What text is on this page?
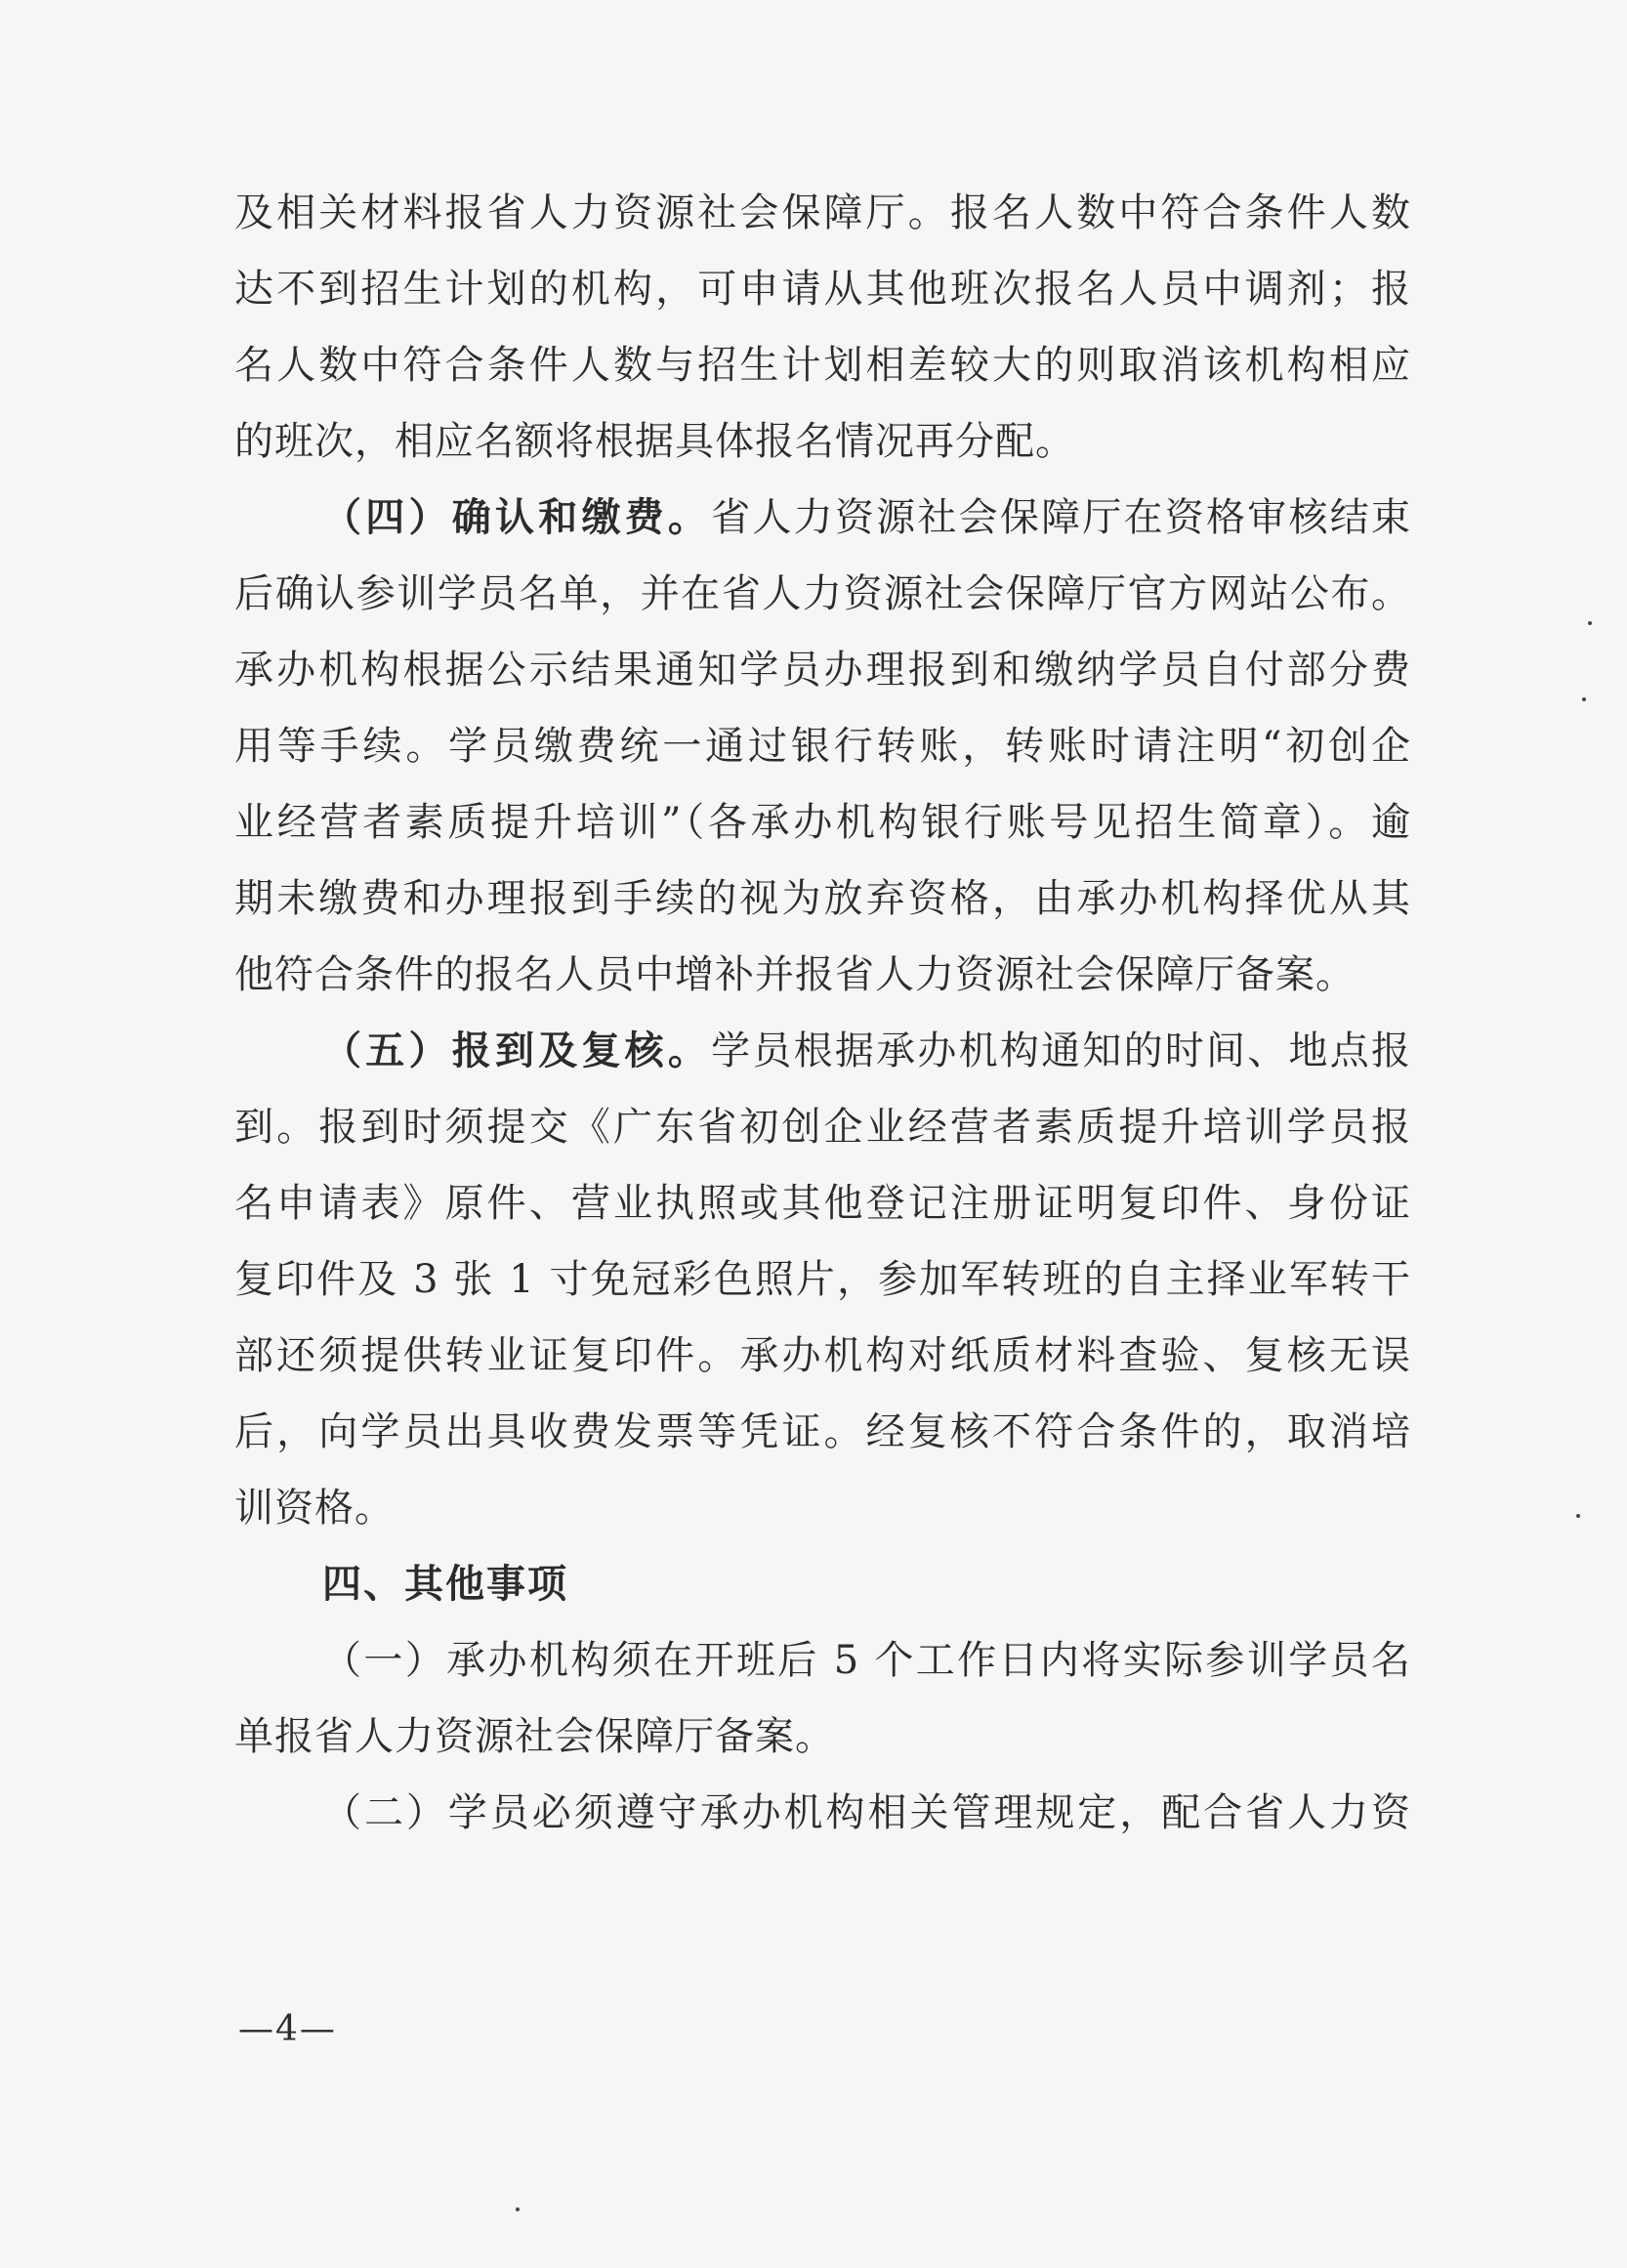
及相关材料报省人力资源社会保障厅。报名人数中符合条件人数

达不到招生计划的机构，可申请从其他班次报名人员中调剂；报

名人数中符合条件人数与招生计划相差较大的则取消该机构相应

的班次，相应名额将根据具体报名情况再分配。

（四）确认和缴费。省人力资源社会保障厅在资格审核结束

后确认参训学员名单，并在省人力资源社会保障厅官方网站公布。

承办机构根据公示结果通知学员办理报到和缴纳学员自付部分费

用等手续。学员缴费统一通过银行转账，转账时请注明“初创企

业经营者素质提升培训”（各承办机构银行账号见招生简章）。逾

期未缴费和办理报到手续的视为放弃资格，由承办机构择优从其

他符合条件的报名人员中增补并报省人力资源社会保障厅备案。

（五）报到及复核。学员根据承办机构通知的时间、地点报

到。报到时须提交《广东省初创企业经营者素质提升培训学员报

名申请表》原件、营业执照或其他登记注册证明复印件、身份证

复印件及 3 张 1 寸免冠彩色照片，参加军转班的自主择业军转干

部还须提供转业证复印件。承办机构对纸质材料查验、复核无误

后，向学员出具收费发票等凭证。经复核不符合条件的，取消培

训资格。

四、其他事项

（一）承办机构须在开班后 5 个工作日内将实际参训学员名

单报省人力资源社会保障厅备案。

（二）学员必须遵守承办机构相关管理规定，配合省人力资

—4—
